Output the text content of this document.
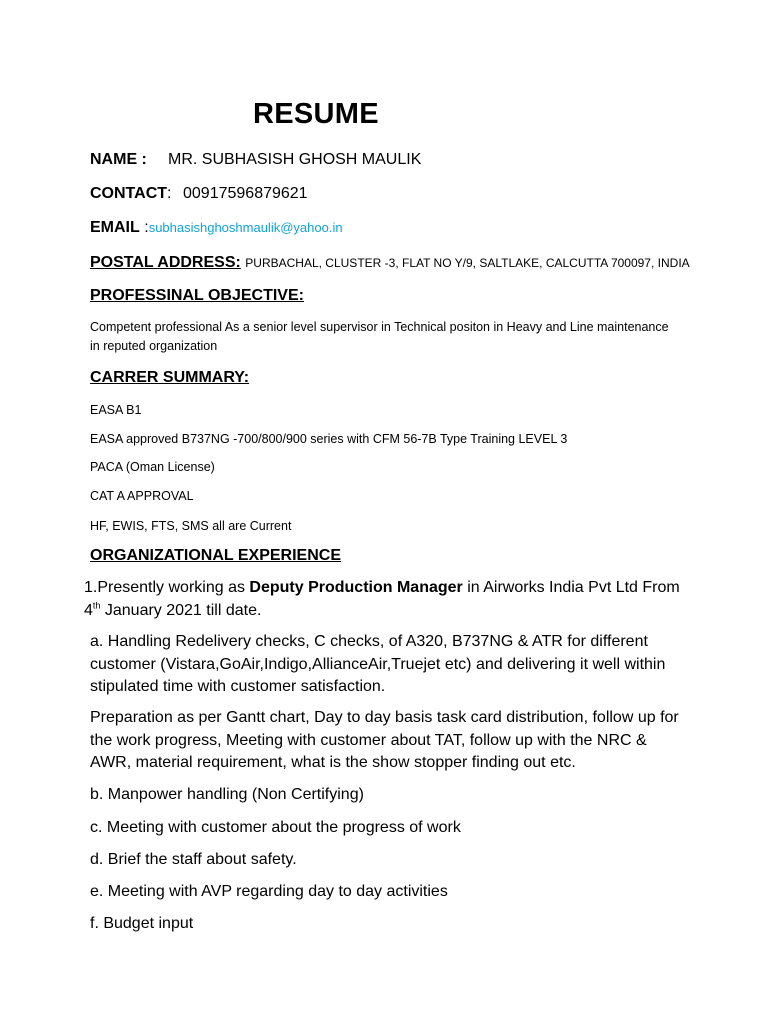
RESUME
NAME : MR. SUBHASISH GHOSH MAULIK
CONTACT: 00917596879621
EMAIL :subhasishghoshmaulik@yahoo.in
POSTAL ADDRESS: PURBACHAL, CLUSTER -3, FLAT NO Y/9, SALTLAKE, CALCUTTA 700097, INDIA
PROFESSINAL OBJECTIVE:
Competent professional As a senior level supervisor in Technical positon in Heavy and Line maintenance
in reputed organization
CARRER SUMMARY:
EASA B1
EASA approved B737NG -700/800/900 series with CFM 56-7B Type Training LEVEL 3
PACA (Oman License)
CAT A APPROVAL
HF, EWIS, FTS, SMS all are Current
ORGANIZATIONAL EXPERIENCE
1.Presently working as Deputy Production Manager in Airworks India Pvt Ltd From
4th January 2021 till date.
a. Handling Redelivery checks, C checks, of A320, B737NG & ATR for different customer (Vistara,GoAir,Indigo,AllianceAir,Truejet etc) and delivering it well within stipulated time with customer satisfaction.
Preparation as per Gantt chart, Day to day basis task card distribution, follow up for the work progress, Meeting with customer about TAT, follow up with the NRC & AWR, material requirement, what is the show stopper finding out etc.
b. Manpower handling (Non Certifying)
c. Meeting with customer about the progress of work
d. Brief the staff about safety.
e. Meeting with AVP regarding day to day activities
f. Budget input
